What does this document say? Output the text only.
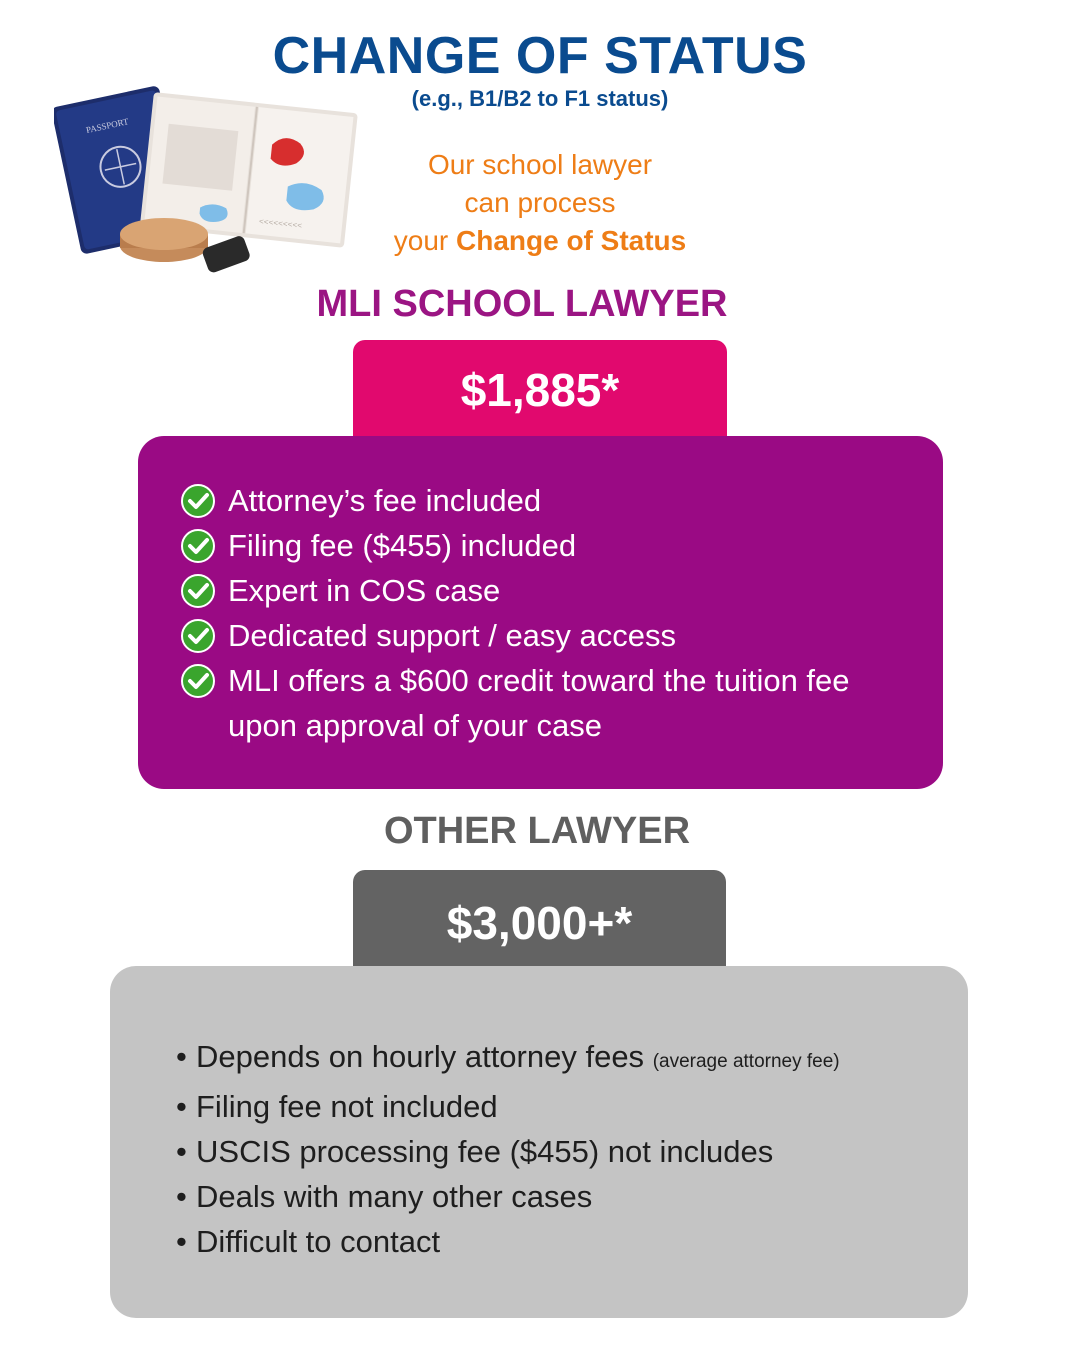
CHANGE OF STATUS
(e.g., B1/B2 to F1 status)
PASSPORT
<<<<<<<<<
Our school lawyer
can process
your Change of Status
MLI SCHOOL LAWYER
$1,885*
Attorney’s fee included
Filing fee ($455) included
Expert in COS case
Dedicated support / easy access
MLI offers a $600 credit toward the tuition fee upon approval of your case
OTHER LAWYER
$3,000+*
• Depends on hourly attorney fees (average attorney fee)
• Filing fee not included
• USCIS processing fee ($455) not includes
• Deals with many other cases
• Difficult to contact
